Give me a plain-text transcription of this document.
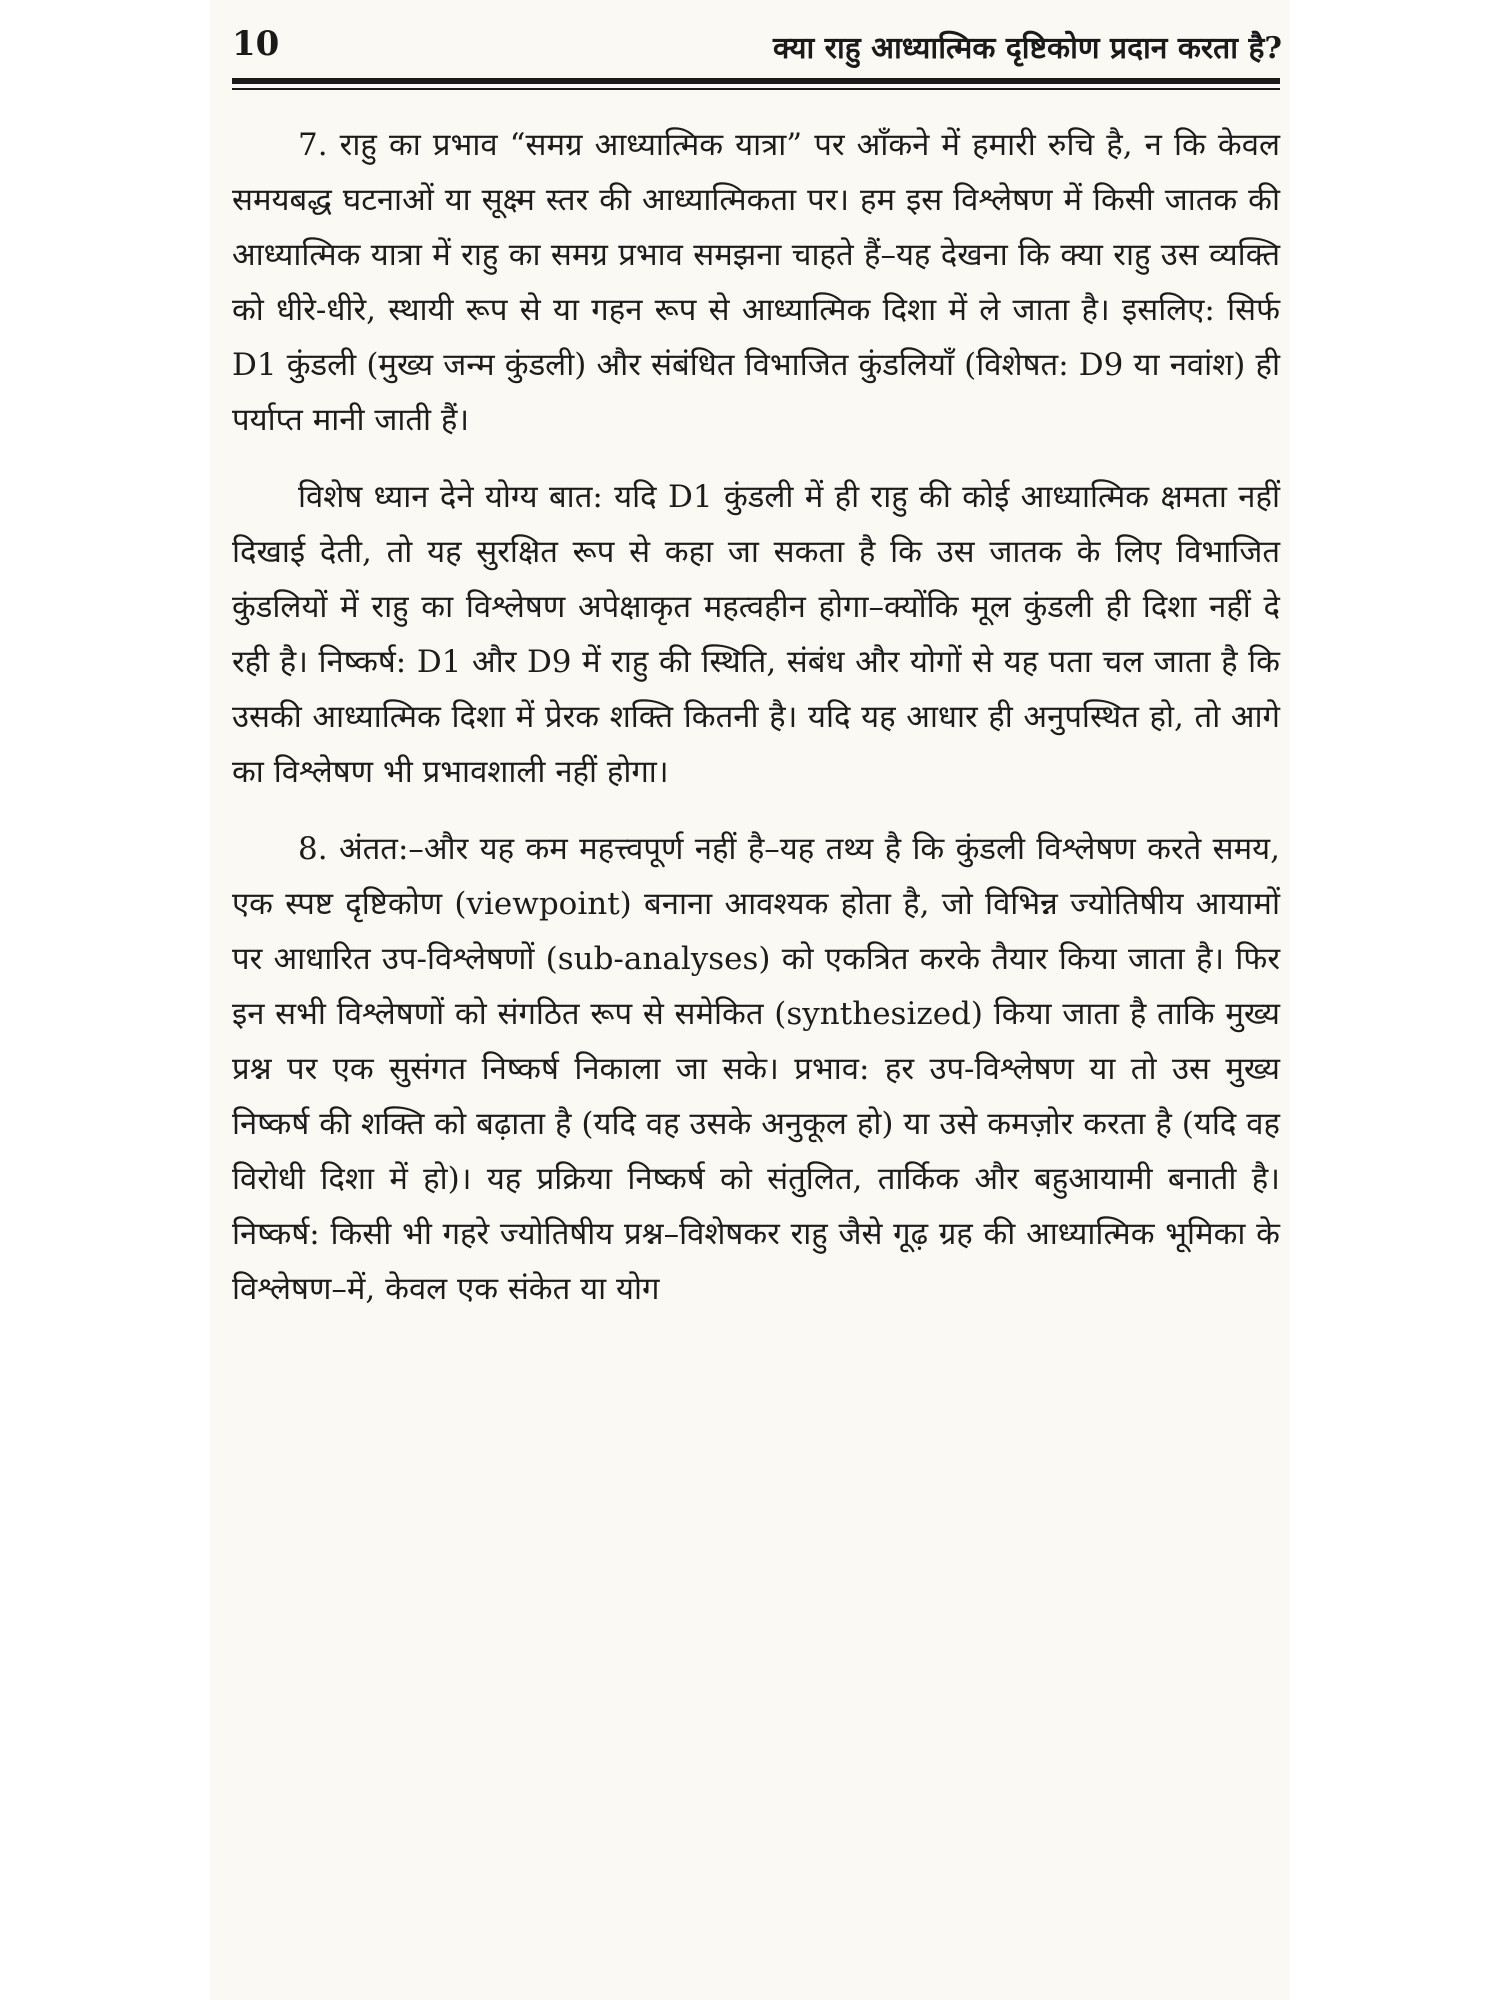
10	क्या राहु आध्यात्मिक दृष्टिकोण प्रदान करता है?

7. राहु का प्रभाव “समग्र आध्यात्मिक यात्रा” पर आँकने में हमारी रुचि है, न कि केवल समयबद्ध घटनाओं या सूक्ष्म स्तर की आध्यात्मिकता पर। हम इस विश्लेषण में किसी जातक की आध्यात्मिक यात्रा में राहु का समग्र प्रभाव समझना चाहते हैं–यह देखना कि क्या राहु उस व्यक्ति को धीरे-धीरे, स्थायी रूप से या गहन रूप से आध्यात्मिक दिशा में ले जाता है। इसलिए: सिर्फ D1 कुंडली (मुख्य जन्म कुंडली) और संबंधित विभाजित कुंडलियाँ (विशेषत: D9 या नवांश) ही पर्याप्त मानी जाती हैं।

विशेष ध्यान देने योग्य बात: यदि D1 कुंडली में ही राहु की कोई आध्यात्मिक क्षमता नहीं दिखाई देती, तो यह सुरक्षित रूप से कहा जा सकता है कि उस जातक के लिए विभाजित कुंडलियों में राहु का विश्लेषण अपेक्षाकृत महत्वहीन होगा–क्योंकि मूल कुंडली ही दिशा नहीं दे रही है। निष्कर्ष: D1 और D9 में राहु की स्थिति, संबंध और योगों से यह पता चल जाता है कि उसकी आध्यात्मिक दिशा में प्रेरक शक्ति कितनी है। यदि यह आधार ही अनुपस्थित हो, तो आगे का विश्लेषण भी प्रभावशाली नहीं होगा।

8. अंतत:–और यह कम महत्त्वपूर्ण नहीं है–यह तथ्य है कि कुंडली विश्लेषण करते समय, एक स्पष्ट दृष्टिकोण (viewpoint) बनाना आवश्यक होता है, जो विभिन्न ज्योतिषीय आयामों पर आधारित उप-विश्लेषणों (sub-analyses) को एकत्रित करके तैयार किया जाता है। फिर इन सभी विश्लेषणों को संगठित रूप से समेकित (synthesized) किया जाता है ताकि मुख्य प्रश्न पर एक सुसंगत निष्कर्ष निकाला जा सके। प्रभाव: हर उप-विश्लेषण या तो उस मुख्य निष्कर्ष की शक्ति को बढ़ाता है (यदि वह उसके अनुकूल हो) या उसे कमज़ोर करता है (यदि वह विरोधी दिशा में हो)। यह प्रक्रिया निष्कर्ष को संतुलित, तार्किक और बहुआयामी बनाती है। निष्कर्ष: किसी भी गहरे ज्योतिषीय प्रश्न–विशेषकर राहु जैसे गूढ़ ग्रह की आध्यात्मिक भूमिका के विश्लेषण–में, केवल एक संकेत या योग
